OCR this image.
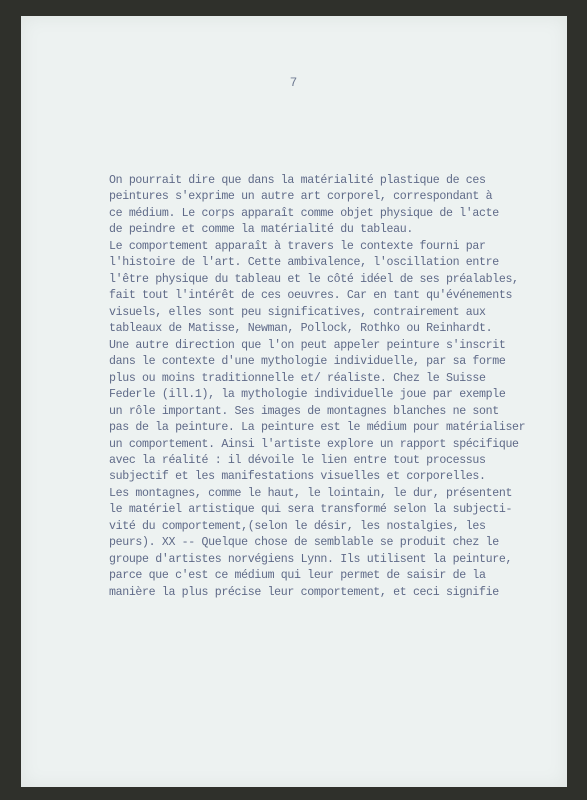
7
On pourrait dire que dans la matérialité plastique de ces
peintures s'exprime un autre art corporel, correspondant à
ce médium. Le corps apparaît comme objet physique de l'acte
de peindre et comme la matérialité du tableau.
Le comportement apparaît à travers le contexte fourni par
l'histoire de l'art. Cette ambivalence, l'oscillation entre
l'être physique du tableau et le côté idéel de ses préalables,
fait tout l'intérêt de ces oeuvres. Car en tant qu'événements
visuels, elles sont peu significatives, contrairement aux
tableaux de Matisse, Newman, Pollock, Rothko ou Reinhardt.
Une autre direction que l'on peut appeler peinture s'inscrit
dans le contexte d'une mythologie individuelle, par sa forme
plus ou moins traditionnelle et/ réaliste. Chez le Suisse
Federle (ill.1), la mythologie individuelle joue par exemple
un rôle important. Ses images de montagnes blanches ne sont
pas de la peinture. La peinture est le médium pour matérialiser
un comportement. Ainsi l'artiste explore un rapport spécifique
avec la réalité : il dévoile le lien entre tout processus
subjectif et les manifestations visuelles et corporelles.
Les montagnes, comme le haut, le lointain, le dur, présentent
le matériel artistique qui sera transformé selon la subjecti-
vité du comportement,(selon le désir, les nostalgies, les
peurs). XX -- Quelque chose de semblable se produit chez le
groupe d'artistes norvégiens Lynn. Ils utilisent la peinture,
parce que c'est ce médium qui leur permet de saisir de la
manière la plus précise leur comportement, et ceci signifie
